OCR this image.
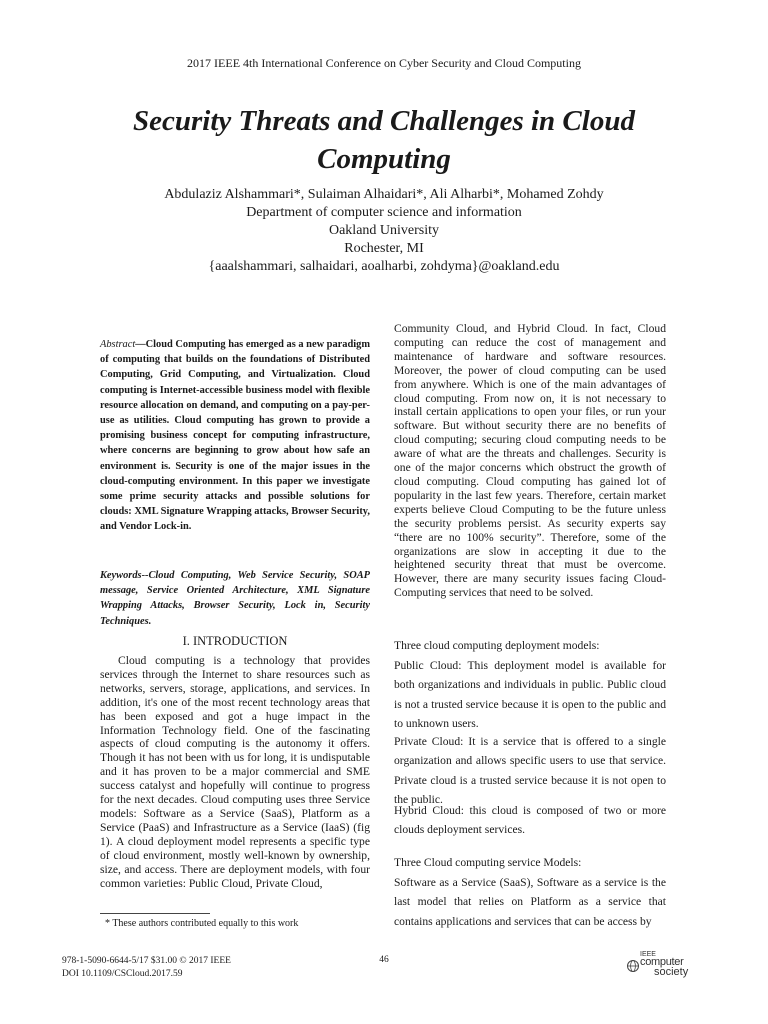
2017 IEEE 4th International Conference on Cyber Security and Cloud Computing
Security Threats and Challenges in Cloud Computing
Abdulaziz Alshammari*, Sulaiman Alhaidari*, Ali Alharbi*, Mohamed Zohdy
Department of computer science and information
Oakland University
Rochester, MI
{aaalshammari, salhaidari, aoalharbi, zohdyma}@oakland.edu

Abstract—Cloud Computing has emerged as a new paradigm of computing that builds on the foundations of Distributed Computing, Grid Computing, and Virtualization. Cloud computing is Internet-accessible business model with flexible resource allocation on demand, and computing on a pay-per-use as utilities. Cloud computing has grown to provide a promising business concept for computing infrastructure, where concerns are beginning to grow about how safe an environment is. Security is one of the major issues in the cloud-computing environment. In this paper we investigate some prime security attacks and possible solutions for clouds: XML Signature Wrapping attacks, Browser Security, and Vendor Lock-in.

Keywords--Cloud Computing, Web Service Security, SOAP message, Service Oriented Architecture, XML Signature Wrapping Attacks, Browser Security, Lock in, Security Techniques.
I. INTRODUCTION

Cloud computing is a technology that provides services through the Internet to share resources such as networks, servers, storage, applications, and services. In addition, it's one of the most recent technology areas that has been exposed and got a huge impact in the Information Technology field. One of the fascinating aspects of cloud computing is the autonomy it offers. Though it has not been with us for long, it is undisputable and it has proven to be a major commercial and SME success catalyst and hopefully will continue to progress for the next decades. Cloud computing uses three Service models: Software as a Service (SaaS), Platform as a Service (PaaS) and Infrastructure as a Service (IaaS) (fig 1). A cloud deployment model represents a specific type of cloud environment, mostly well-known by ownership, size, and access. There are deployment models, with four common varieties: Public Cloud, Private Cloud,

Community Cloud, and Hybrid Cloud. In fact, Cloud computing can reduce the cost of management and maintenance of hardware and software resources. Moreover, the power of cloud computing can be used from anywhere. Which is one of the main advantages of cloud computing. From now on, it is not necessary to install certain applications to open your files, or run your software. But without security there are no benefits of cloud computing; securing cloud computing needs to be aware of what are the threats and challenges. Security is one of the major concerns which obstruct the growth of cloud computing. Cloud computing has gained lot of popularity in the last few years. Therefore, certain market experts believe Cloud Computing to be the future unless the security problems persist. As security experts say “there are no 100% security”. Therefore, some of the organizations are slow in accepting it due to the heightened security threat that must be overcome. However, there are many security issues facing Cloud-Computing services that need to be solved.
Three cloud computing deployment models:
Public Cloud: This deployment model is available for both organizations and individuals in public. Public cloud is not a trusted service because it is open to the public and to unknown users.
Private Cloud: It is a service that is offered to a single organization and allows specific users to use that service. Private cloud is a trusted service because it is not open to the public.
Hybrid Cloud: this cloud is composed of two or more clouds deployment services.
Three Cloud computing service Models:
Software as a Service (SaaS), Software as a service is the last model that relies on Platform as a service that contains applications and services that can be access by
* These authors contributed equally to this work
978-1-5090-6644-5/17 $31.00 © 2017 IEEE
DOI 10.1109/CSCloud.2017.59
46
IEEE
computer
society
